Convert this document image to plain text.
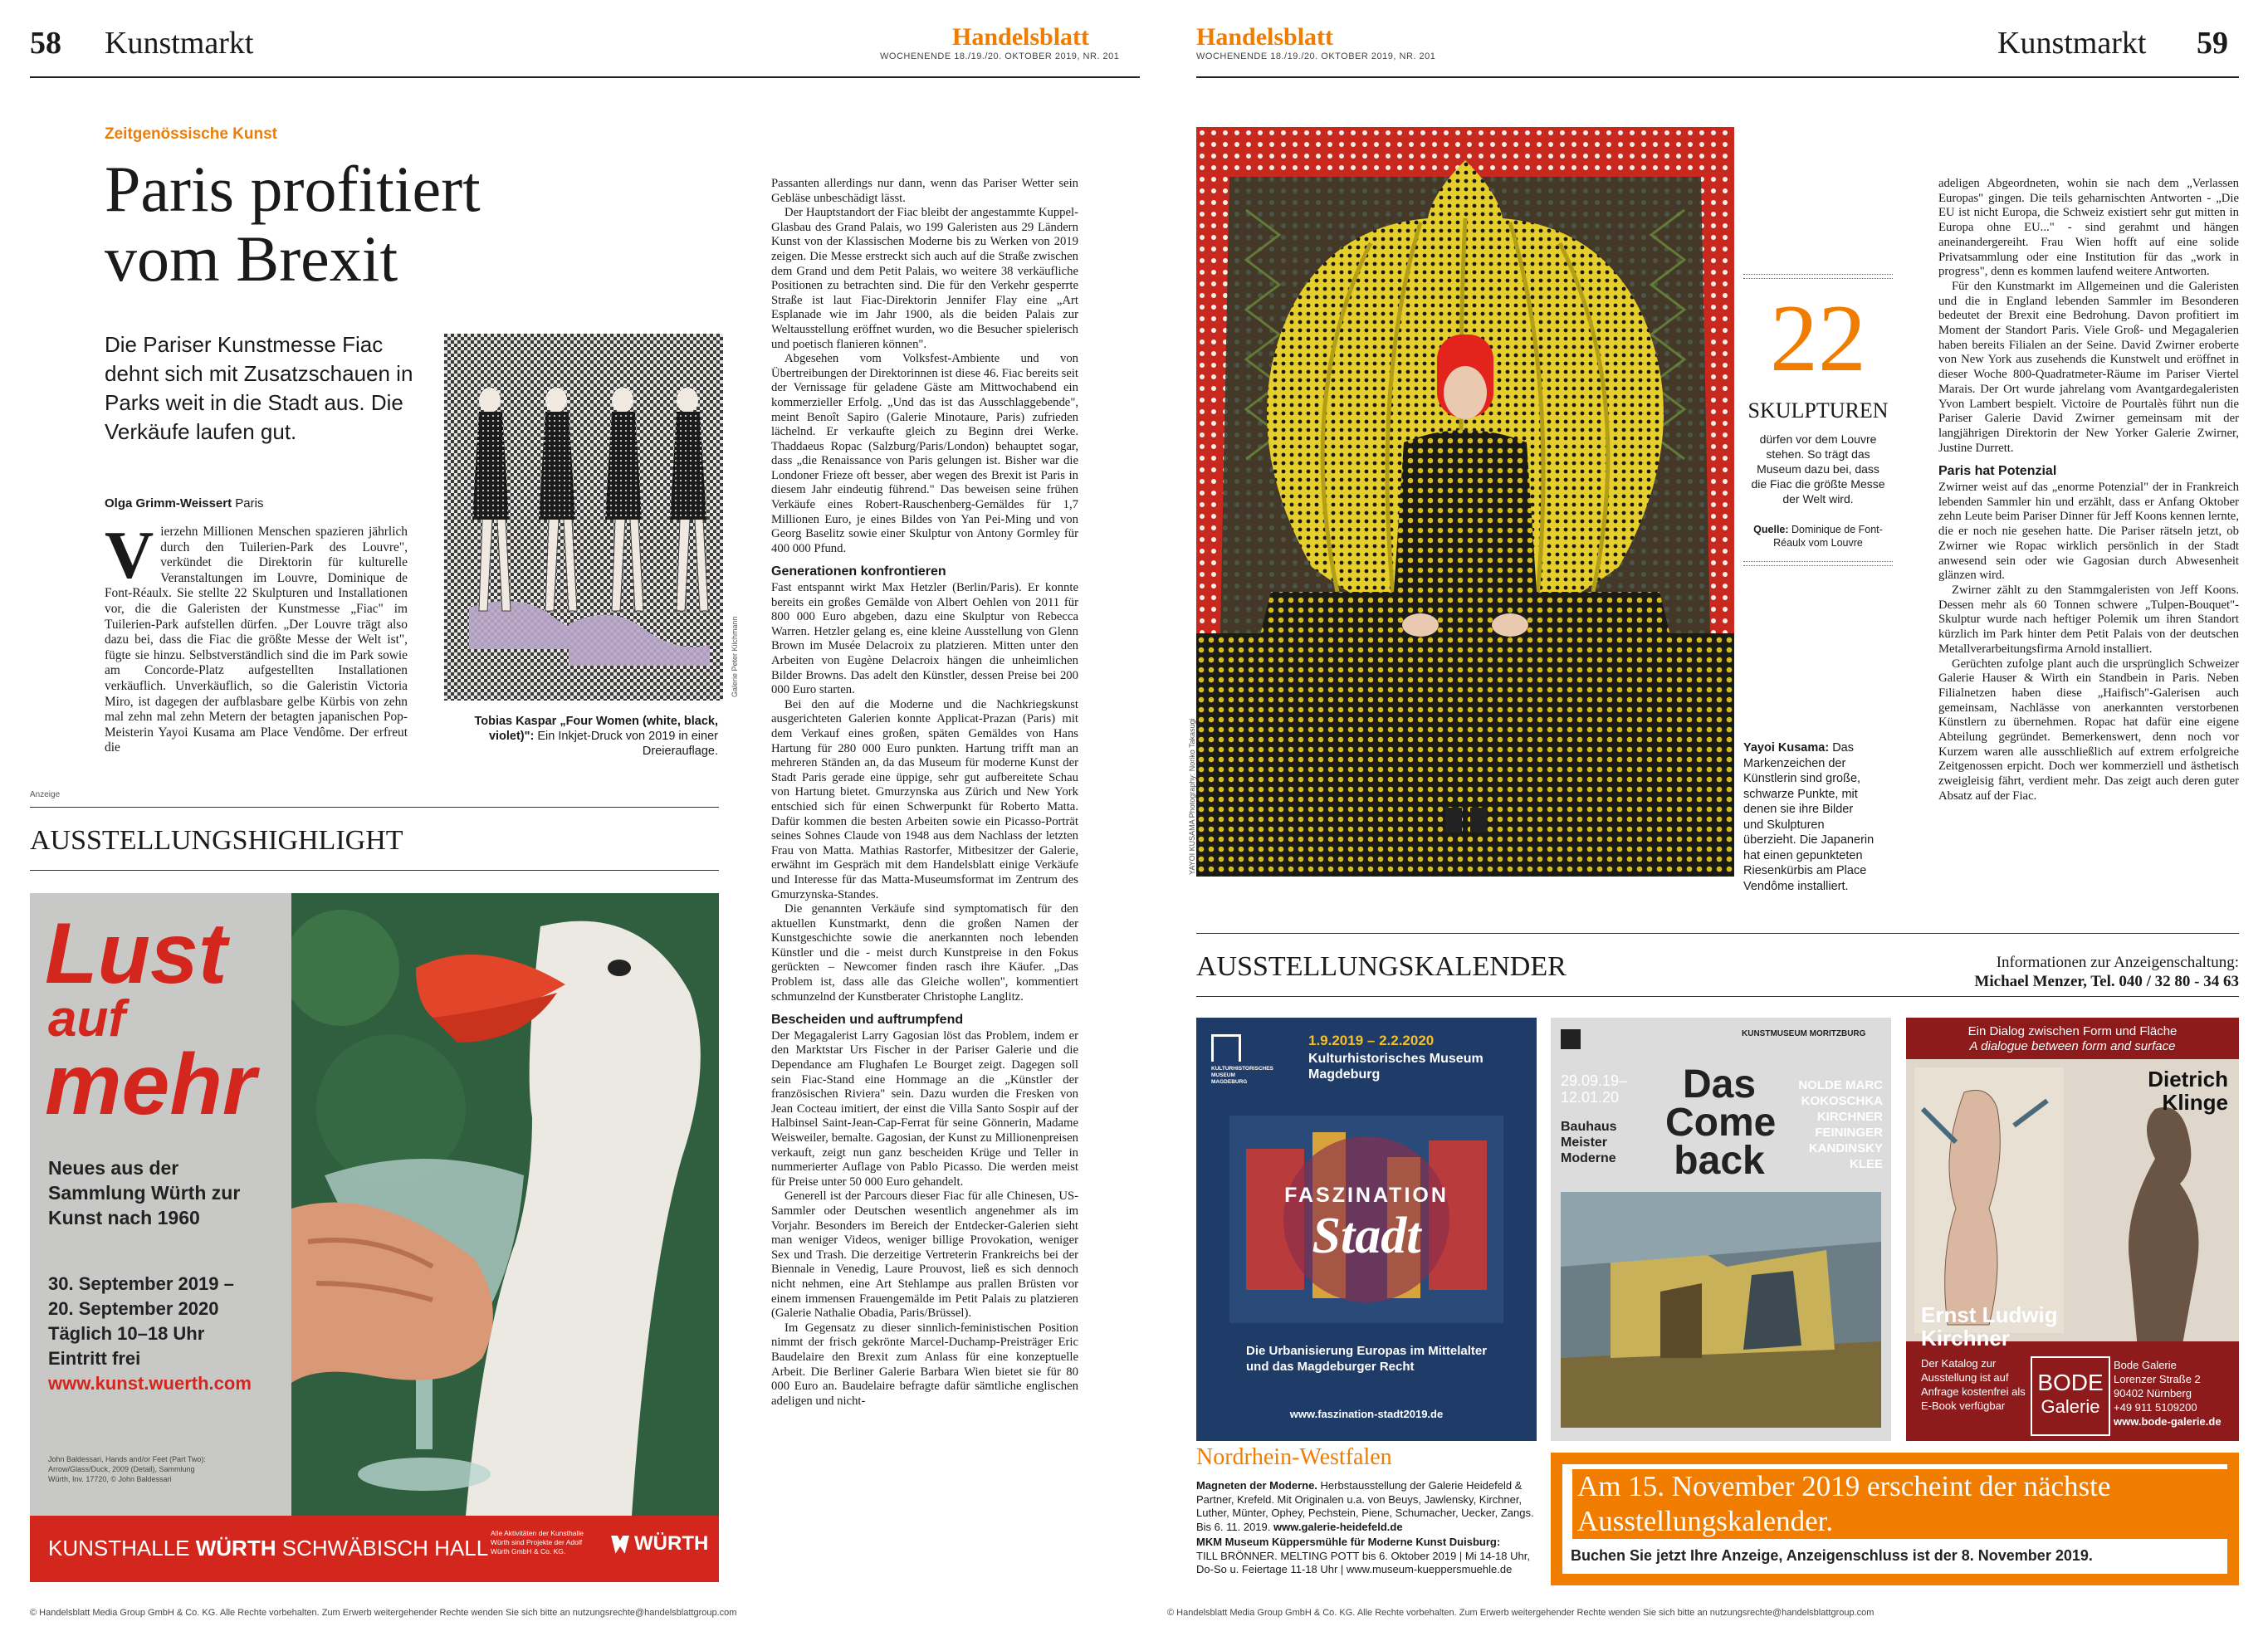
58 Kunstmarkt	Handelsblatt
WOCHENENDE 18./19./20. OKTOBER 2019, NR. 201
Zeitgenössische Kunst
Paris profitiert
vom Brexit
Die Pariser Kunstmesse Fiac dehnt sich mit Zusatzschauen in Parks weit in die Stadt aus. Die Verkäufe laufen gut.
Olga Grimm-Weissert Paris
V ierzehn Millionen Menschen spazieren jährlich durch den Tuilerien-Park des Louvre", verkündet die Direktorin für kulturelle Veranstaltungen im Louvre, Dominique de Font-Réaulx. Sie stellte 22 Skulpturen und Installationen vor, die die Galeristen der Kunstmesse „Fiac" im Tuilerien-Park aufstellen dürfen. „Der Louvre trägt also dazu bei, dass die Fiac die größte Messe der Welt ist", fügte sie hinzu. Selbstverständlich sind die im Park sowie am Concorde-Platz aufgestellten Installationen verkäuflich. Unverkäuflich, so die Galeristin Victoria Miro, ist dagegen der aufblasbare gelbe Kürbis von zehn mal zehn mal zehn Metern der betagten japanischen Pop-Meisterin Yayoi Kusama am Place Vendôme. Der erfreut die
Galerie Peter Kilchmann
Tobias Kaspar „Four Women (white, black, violet)": Ein Inkjet-Druck von 2019 in einer Dreierauflage.

Passanten allerdings nur dann, wenn das Pariser Wetter sein Gebläse unbeschädigt lässt.

Der Hauptstandort der Fiac bleibt der angestammte Kuppel-Glasbau des Grand Palais, wo 199 Galeristen aus 29 Ländern Kunst von der Klassischen Moderne bis zu Werken von 2019 zeigen. Die Messe erstreckt sich auch auf die Straße zwischen dem Grand und dem Petit Palais, wo weitere 38 verkäufliche Positionen zu betrachten sind. Die für den Verkehr gesperrte Straße ist laut Fiac-Direktorin Jennifer Flay eine „Art Esplanade wie im Jahr 1900, als die beiden Palais zur Weltausstellung eröffnet wurden, wo die Besucher spielerisch und poetisch flanieren können".

Abgesehen vom Volksfest-Ambiente und von Übertreibungen der Direktorinnen ist diese 46. Fiac bereits seit der Vernissage für geladene Gäste am Mittwochabend ein kommerzieller Erfolg. „Und das ist das Ausschlaggebende", meint Benoît Sapiro (Galerie Minotaure, Paris) zufrieden lächelnd. Er verkaufte gleich zu Beginn drei Werke. Thaddaeus Ropac (Salzburg/Paris/London) behauptet sogar, dass „die Renaissance von Paris gelungen ist. Bisher war die Londoner Frieze oft besser, aber wegen des Brexit ist Paris in diesem Jahr eindeutig führend." Das beweisen seine frühen Verkäufe eines Robert-Rauschenberg-Gemäldes für 1,7 Millionen Euro, je eines Bildes von Yan Pei-Ming und von Georg Baselitz sowie einer Skulptur von Antony Gormley für 400 000 Pfund.

Generationen konfrontieren

Fast entspannt wirkt Max Hetzler (Berlin/Paris). Er konnte bereits ein großes Gemälde von Albert Oehlen von 2011 für 800 000 Euro abgeben, dazu eine Skulptur von Rebecca Warren. Hetzler gelang es, eine kleine Ausstellung von Glenn Brown im Musée Delacroix zu platzieren. Mitten unter den Arbeiten von Eugène Delacroix hängen die unheimlichen Bilder Browns. Das adelt den Künstler, dessen Preise bei 200 000 Euro starten.

Bei den auf die Moderne und die Nachkriegskunst ausgerichteten Galerien konnte Applicat-Prazan (Paris) mit dem Verkauf eines großen, späten Gemäldes von Hans Hartung für 280 000 Euro punkten. Hartung trifft man an mehreren Ständen an, da das Museum für moderne Kunst der Stadt Paris gerade eine üppige, sehr gut aufbereitete Schau von Hartung bietet. Gmurzynska aus Zürich und New York entschied sich für einen Schwerpunkt für Roberto Matta. Dafür kommen die besten Arbeiten sowie ein Picasso-Porträt seines Sohnes Claude von 1948 aus dem Nachlass der letzten Frau von Matta. Mathias Rastorfer, Mitbesitzer der Galerie, erwähnt im Gespräch mit dem Handelsblatt einige Verkäufe und Interesse für das Matta-Museumsformat im Zentrum des Gmurzynska-Standes.

Die genannten Verkäufe sind symptomatisch für den aktuellen Kunstmarkt, denn die großen Namen der Kunstgeschichte sowie die anerkannten noch lebenden Künstler und die - meist durch Kunstpreise in den Fokus gerückten – Newcomer finden rasch ihre Käufer. „Das Problem ist, dass alle das Gleiche wollen", kommentiert schmunzelnd der Kunstberater Christophe Langlitz.

Bescheiden und auftrumpfend

Der Megagalerist Larry Gagosian löst das Problem, indem er den Marktstar Urs Fischer in der Pariser Galerie und die Dependance am Flughafen Le Bourget zeigt. Dagegen soll sein Fiac-Stand eine Hommage an die „Künstler der französischen Riviera" sein. Dazu wurden die Fresken von Jean Cocteau imitiert, der einst die Villa Santo Sospir auf der Halbinsel Saint-Jean-Cap-Ferrat für seine Gönnerin, Madame Weisweiler, bemalte. Gagosian, der Kunst zu Millionenpreisen verkauft, zeigt nun ganz bescheiden Krüge und Teller in nummerierter Auflage von Pablo Picasso. Die werden meist für Preise unter 50 000 Euro gehandelt.

Generell ist der Parcours dieser Fiac für alle Chinesen, US-Sammler oder Deutschen wesentlich angenehmer als im Vorjahr. Besonders im Bereich der Entdecker-Galerien sieht man weniger Videos, weniger billige Provokation, weniger Sex und Trash. Die derzeitige Vertreterin Frankreichs bei der Biennale in Venedig, Laure Prouvost, ließ es sich dennoch nicht nehmen, eine Art Stehlampe aus prallen Brüsten vor einem immensen Frauengemälde im Petit Palais zu platzieren (Galerie Nathalie Obadia, Paris/Brüssel).

Im Gegensatz zu dieser sinnlich-feministischen Position nimmt der frisch gekrönte Marcel-Duchamp-Preisträger Eric Baudelaire den Brexit zum Anlass für eine konzeptuelle Arbeit. Die Berliner Galerie Barbara Wien bietet sie für 80 000 Euro an. Baudelaire befragte dafür sämtliche englischen adeligen und nicht-

Anzeige
AUSSTELLUNGSHIGHLIGHT
Lust
auf
mehr
Neues aus der Sammlung Würth zur Kunst nach 1960
30. September 2019 –
20. September 2020
Täglich 10–18 Uhr
Eintritt frei
www.kunst.wuerth.com
John Baldessari, Hands and/or Feet (Part Two): Arrow/Glass/Duck, 2009 (Detail), Sammlung Würth, Inv. 17720, © John Baldessari
KUNSTHALLE WÜRTH SCHWÄBISCH HALL
Alle Aktivitäten der Kunsthalle Würth sind Projekte der Adolf Würth GmbH & Co. KG.	WÜRTH
© Handelsblatt Media Group GmbH & Co. KG. Alle Rechte vorbehalten. Zum Erwerb weitergehender Rechte wenden Sie sich bitte an nutzungsrechte@handelsblattgroup.com
Handelsblatt
WOCHENENDE 18./19./20. OKTOBER 2019, NR. 201	Kunstmarkt 59
YAYOI KUSAMA Photography: Noriko Takasugi	Yayoi Kusama: Das Markenzeichen der Künstlerin sind große, schwarze Punkte, mit denen sie ihre Bilder und Skulpturen überzieht. Die Japanerin hat einen gepunkteten Riesenkürbis am Place Vendôme installiert.
22
SKULPTUREN
dürfen vor dem Louvre stehen. So trägt das Museum dazu bei, dass die Fiac die größte Messe der Welt wird.
Quelle: Dominique de Font-Réaulx vom Louvre

adeligen Abgeordneten, wohin sie nach dem „Verlassen Europas" gingen. Die teils geharnischten Antworten - „Die EU ist nicht Europa, die Schweiz existiert sehr gut mitten in Europa ohne EU..." - sind gerahmt und hängen aneinandergereiht. Frau Wien hofft auf eine solide Privatsammlung oder eine Institution für das „work in progress", denn es kommen laufend weitere Antworten.

Für den Kunstmarkt im Allgemeinen und die Galeristen und die in England lebenden Sammler im Besonderen bedeutet der Brexit eine Bedrohung. Davon profitiert im Moment der Standort Paris. Viele Groß- und Megagalerien haben bereits Filialen an der Seine. David Zwirner eroberte von New York aus zusehends die Kunstwelt und eröffnet in dieser Woche 800-Quadratmeter-Räume im Pariser Viertel Marais. Der Ort wurde jahrelang vom Avantgardegaleristen Yvon Lambert bespielt. Victoire de Pourtalès führt nun die Pariser Galerie David Zwirner gemeinsam mit der langjährigen Direktorin der New Yorker Galerie Zwirner, Justine Durrett.

Paris hat Potenzial

Zwirner weist auf das „enorme Potenzial" der in Frankreich lebenden Sammler hin und erzählt, dass er Anfang Oktober zehn Leute beim Pariser Dinner für Jeff Koons kennen lernte, die er noch nie gesehen hatte. Die Pariser rätseln jetzt, ob Zwirner wie Ropac wirklich persönlich in der Stadt anwesend sein oder wie Gagosian durch Abwesenheit glänzen wird.

Zwirner zählt zu den Stammgaleristen von Jeff Koons. Dessen mehr als 60 Tonnen schwere „Tulpen-Bouquet"-Skulptur wurde nach heftiger Polemik um ihren Standort kürzlich im Park hinter dem Petit Palais von der deutschen Metallverarbeitungsfirma Arnold installiert.

Gerüchten zufolge plant auch die ursprünglich Schweizer Galerie Hauser & Wirth ein Standbein in Paris. Neben Filialnetzen haben diese „Haifisch"-Galerisen auch gemeinsam, Nachlässe von anerkannten verstorbenen Künstlern zu übernehmen. Ropac hat dafür eine eigene Abteilung gegründet. Bemerkenswert, denn noch vor Kurzem waren alle ausschließlich auf extrem erfolgreiche Zeitgenossen erpicht. Doch wer kommerziell und ästhetisch zweigleisig fährt, verdient mehr. Das zeigt auch deren guter Absatz auf der Fiac.

AUSSTELLUNGSKALENDER	Informationen zur Anzeigenschaltung:
Michael Menzer, Tel. 040 / 32 80 - 34 63
KULTURHISTORISCHES MUSEUM MAGDEBURG
1.9.2019 – 2.2.2020
Kulturhistorisches Museum Magdeburg
FASZINATION
Stadt
Die Urbanisierung Europas im Mittelalter und das Magdeburger Recht
www.faszination-stadt2019.de
KUNSTMUSEUM MORITZBURG
29.09.19– 12.01.20	Das Come back
Bauhaus Meister Moderne
NOLDE MARC KOKOSCHKA KIRCHNER FEININGER KANDINSKY KLEE
Ein Dialog zwischen Form und Fläche
A dialogue between form and surface
Dietrich Klinge
Ernst Ludwig Kirchner
Der Katalog zur Ausstellung ist auf Anfrage kostenfrei als E-Book verfügbar
BODE
Galerie
Bode Galerie
Lorenzer Straße 2
90402 Nürnberg
+49 911 5109200
www.bode-galerie.de
Nordrhein-Westfalen
Magneten der Moderne. Herbstausstellung der Galerie Heidefeld & Partner, Krefeld. Mit Originalen u.a. von Beuys, Jawlensky, Kirchner, Luther, Münter, Ophey, Pechstein, Piene, Schumacher, Uecker, Zangs. Bis 6. 11. 2019. www.galerie-heidefeld.de
MKM Museum Küppersmühle für Moderne Kunst Duisburg:
TILL BRÖNNER. MELTING POTT bis 6. Oktober 2019 | Mi 14-18 Uhr, Do-So u. Feiertage 11-18 Uhr | www.museum-kueppersmuehle.de
Am 15. November 2019 erscheint der nächste Ausstellungskalender.
Buchen Sie jetzt Ihre Anzeige, Anzeigenschluss ist der 8. November 2019.
© Handelsblatt Media Group GmbH & Co. KG. Alle Rechte vorbehalten. Zum Erwerb weitergehender Rechte wenden Sie sich bitte an nutzungsrechte@handelsblattgroup.com
